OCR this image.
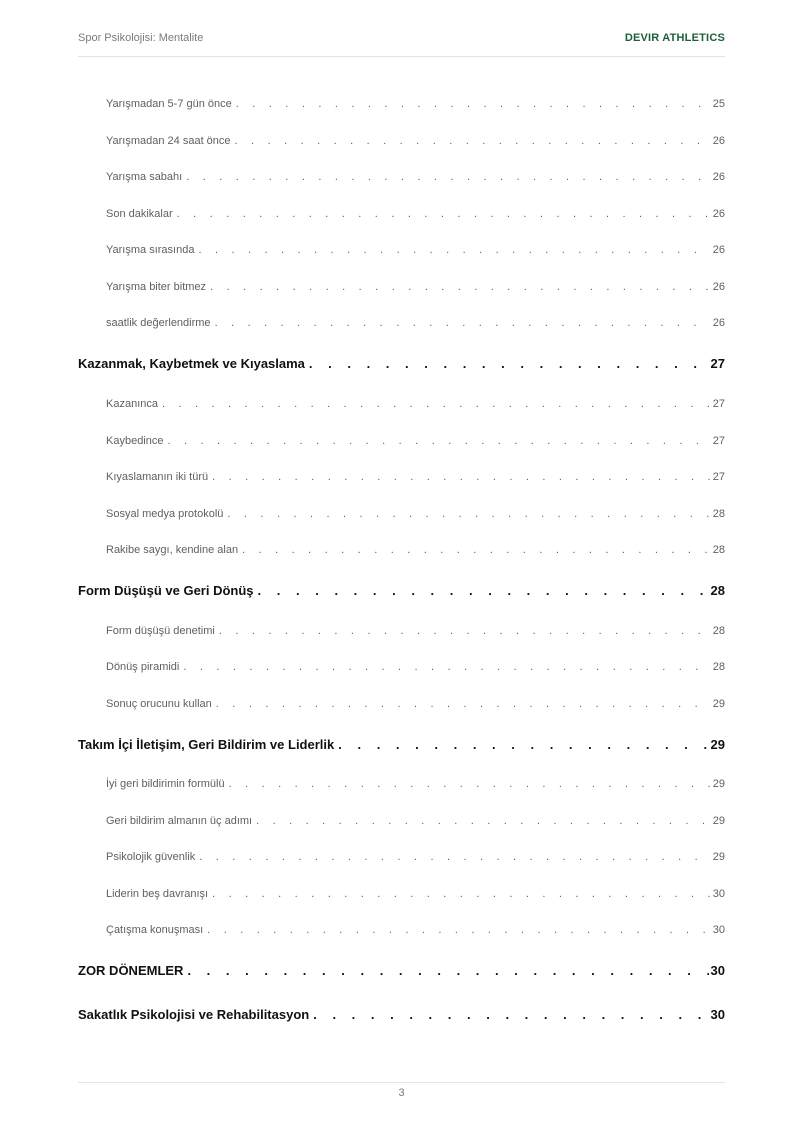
Spor Psikolojisi: Mentalite	DEVIR ATHLETICS
Yarışmadan 5-7 gün önce . . .	25
Yarışmadan 24 saat önce . . .	26
Yarışma sabahı . . .	26
Son dakikalar . . .	26
Yarışma sırasında . . .	26
Yarışma biter bitmez . . .	26
saatlik değerlendirme . . .	26
Kazanmak, Kaybetmek ve Kıyaslama . . .	27
Kazanınca . . .	27
Kaybedince . . .	27
Kıyaslamanın iki türü . . .	27
Sosyal medya protokolü . . .	28
Rakibe saygı, kendine alan . . .	28
Form Düşüşü ve Geri Dönüş . . .	28
Form düşüşü denetimi . . .	28
Dönüş piramidi . . .	28
Sonuç orucunu kullan . . .	29
Takım İçi İletişim, Geri Bildirim ve Liderlik . . .	29
İyi geri bildirimin formülü . . .	29
Geri bildirim almanın üç adımı . . .	29
Psikolojik güvenlik . . .	29
Liderin beş davranışı . . .	30
Çatışma konuşması . . .	30
ZOR DÖNEMLER . . .	30
Sakatlık Psikolojisi ve Rehabilitasyon . . .	30
3
